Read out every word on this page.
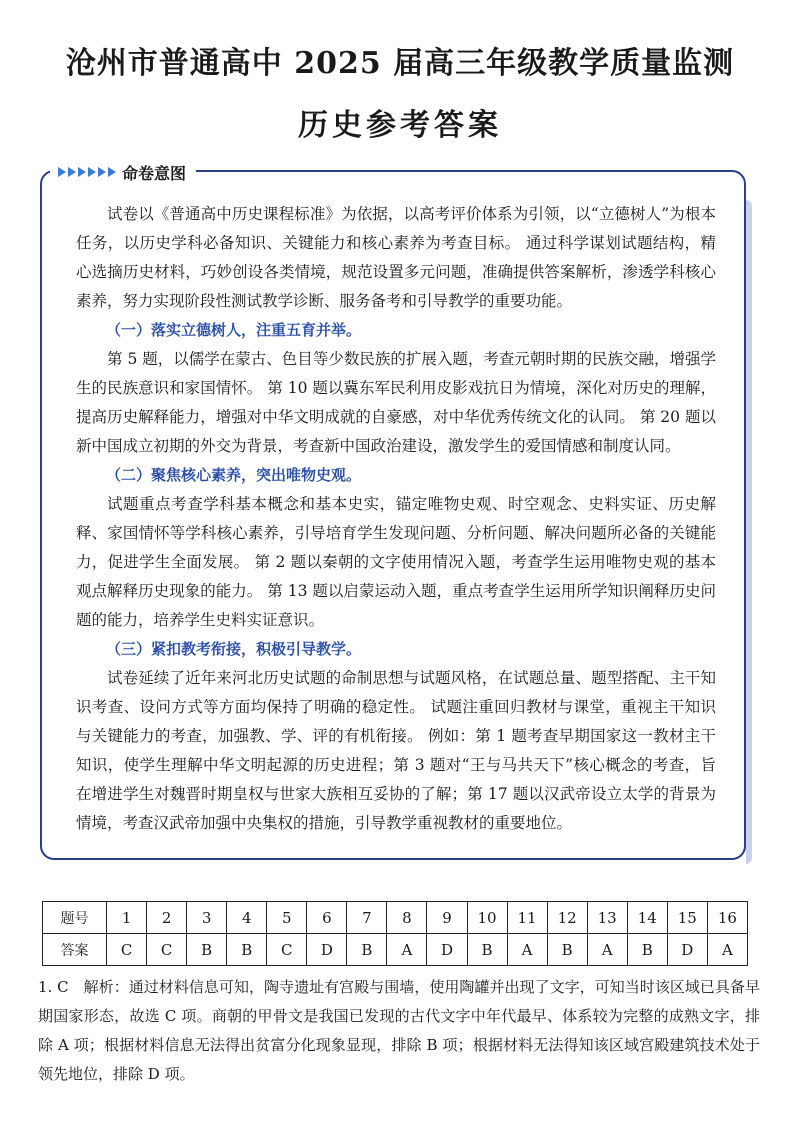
沧州市普通高中 2025 届高三年级教学质量监测
历史参考答案
命卷意图

试卷以《普通高中历史课程标准》为依据，以高考评价体系为引领，以“立德树人”为根本任务，以历史学科必备知识、关键能力和核心素养为考查目标。 通过科学谋划试题结构，精心选摘历史材料，巧妙创设各类情境，规范设置多元问题，准确提供答案解析，渗透学科核心素养，努力实现阶段性测试教学诊断、服务备考和引导教学的重要功能。

（一）落实立德树人，注重五育并举。

第 5 题，以儒学在蒙古、色目等少数民族的扩展入题，考查元朝时期的民族交融，增强学生的民族意识和家国情怀。 第 10 题以冀东军民利用皮影戏抗日为情境，深化对历史的理解，提高历史解释能力，增强对中华文明成就的自豪感，对中华优秀传统文化的认同。 第 20 题以新中国成立初期的外交为背景，考查新中国政治建设，激发学生的爱国情感和制度认同。

（二）聚焦核心素养，突出唯物史观。

试题重点考查学科基本概念和基本史实，锚定唯物史观、时空观念、史料实证、历史解释、家国情怀等学科核心素养，引导培育学生发现问题、分析问题、解决问题所必备的关键能力，促进学生全面发展。 第 2 题以秦朝的文字使用情况入题，考查学生运用唯物史观的基本观点解释历史现象的能力。 第 13 题以启蒙运动入题，重点考查学生运用所学知识阐释历史问题的能力，培养学生史料实证意识。

（三）紧扣教考衔接，积极引导教学。

试卷延续了近年来河北历史试题的命制思想与试题风格，在试题总量、题型搭配、主干知识考查、设问方式等方面均保持了明确的稳定性。 试题注重回归教材与课堂，重视主干知识与关键能力的考查，加强教、学、评的有机衔接。 例如：第 1 题考查早期国家这一教材主干知识，使学生理解中华文明起源的历史进程；第 3 题对“王与马共天下”核心概念的考查，旨在增进学生对魏晋时期皇权与世家大族相互妥协的了解；第 17 题以汉武帝设立太学的背景为情境，考查汉武帝加强中央集权的措施，引导教学重视教材的重要地位。

题号	1	2	3	4	5	6	7	8	9	10	11	12	13	14	15	16
答案	C	C	B	B	C	D	B	A	D	B	A	B	A	B	D	A
1. C　解析：通过材料信息可知，陶寺遗址有宫殿与围墙，使用陶罐并出现了文字，可知当时该区域已具备早期国家形态，故选 C 项。商朝的甲骨文是我国已发现的古代文字中年代最早、体系较为完整的成熟文字，排除 A 项；根据材料信息无法得出贫富分化现象显现，排除 B 项；根据材料无法得知该区域宫殿建筑技术处于领先地位，排除 D 项。
